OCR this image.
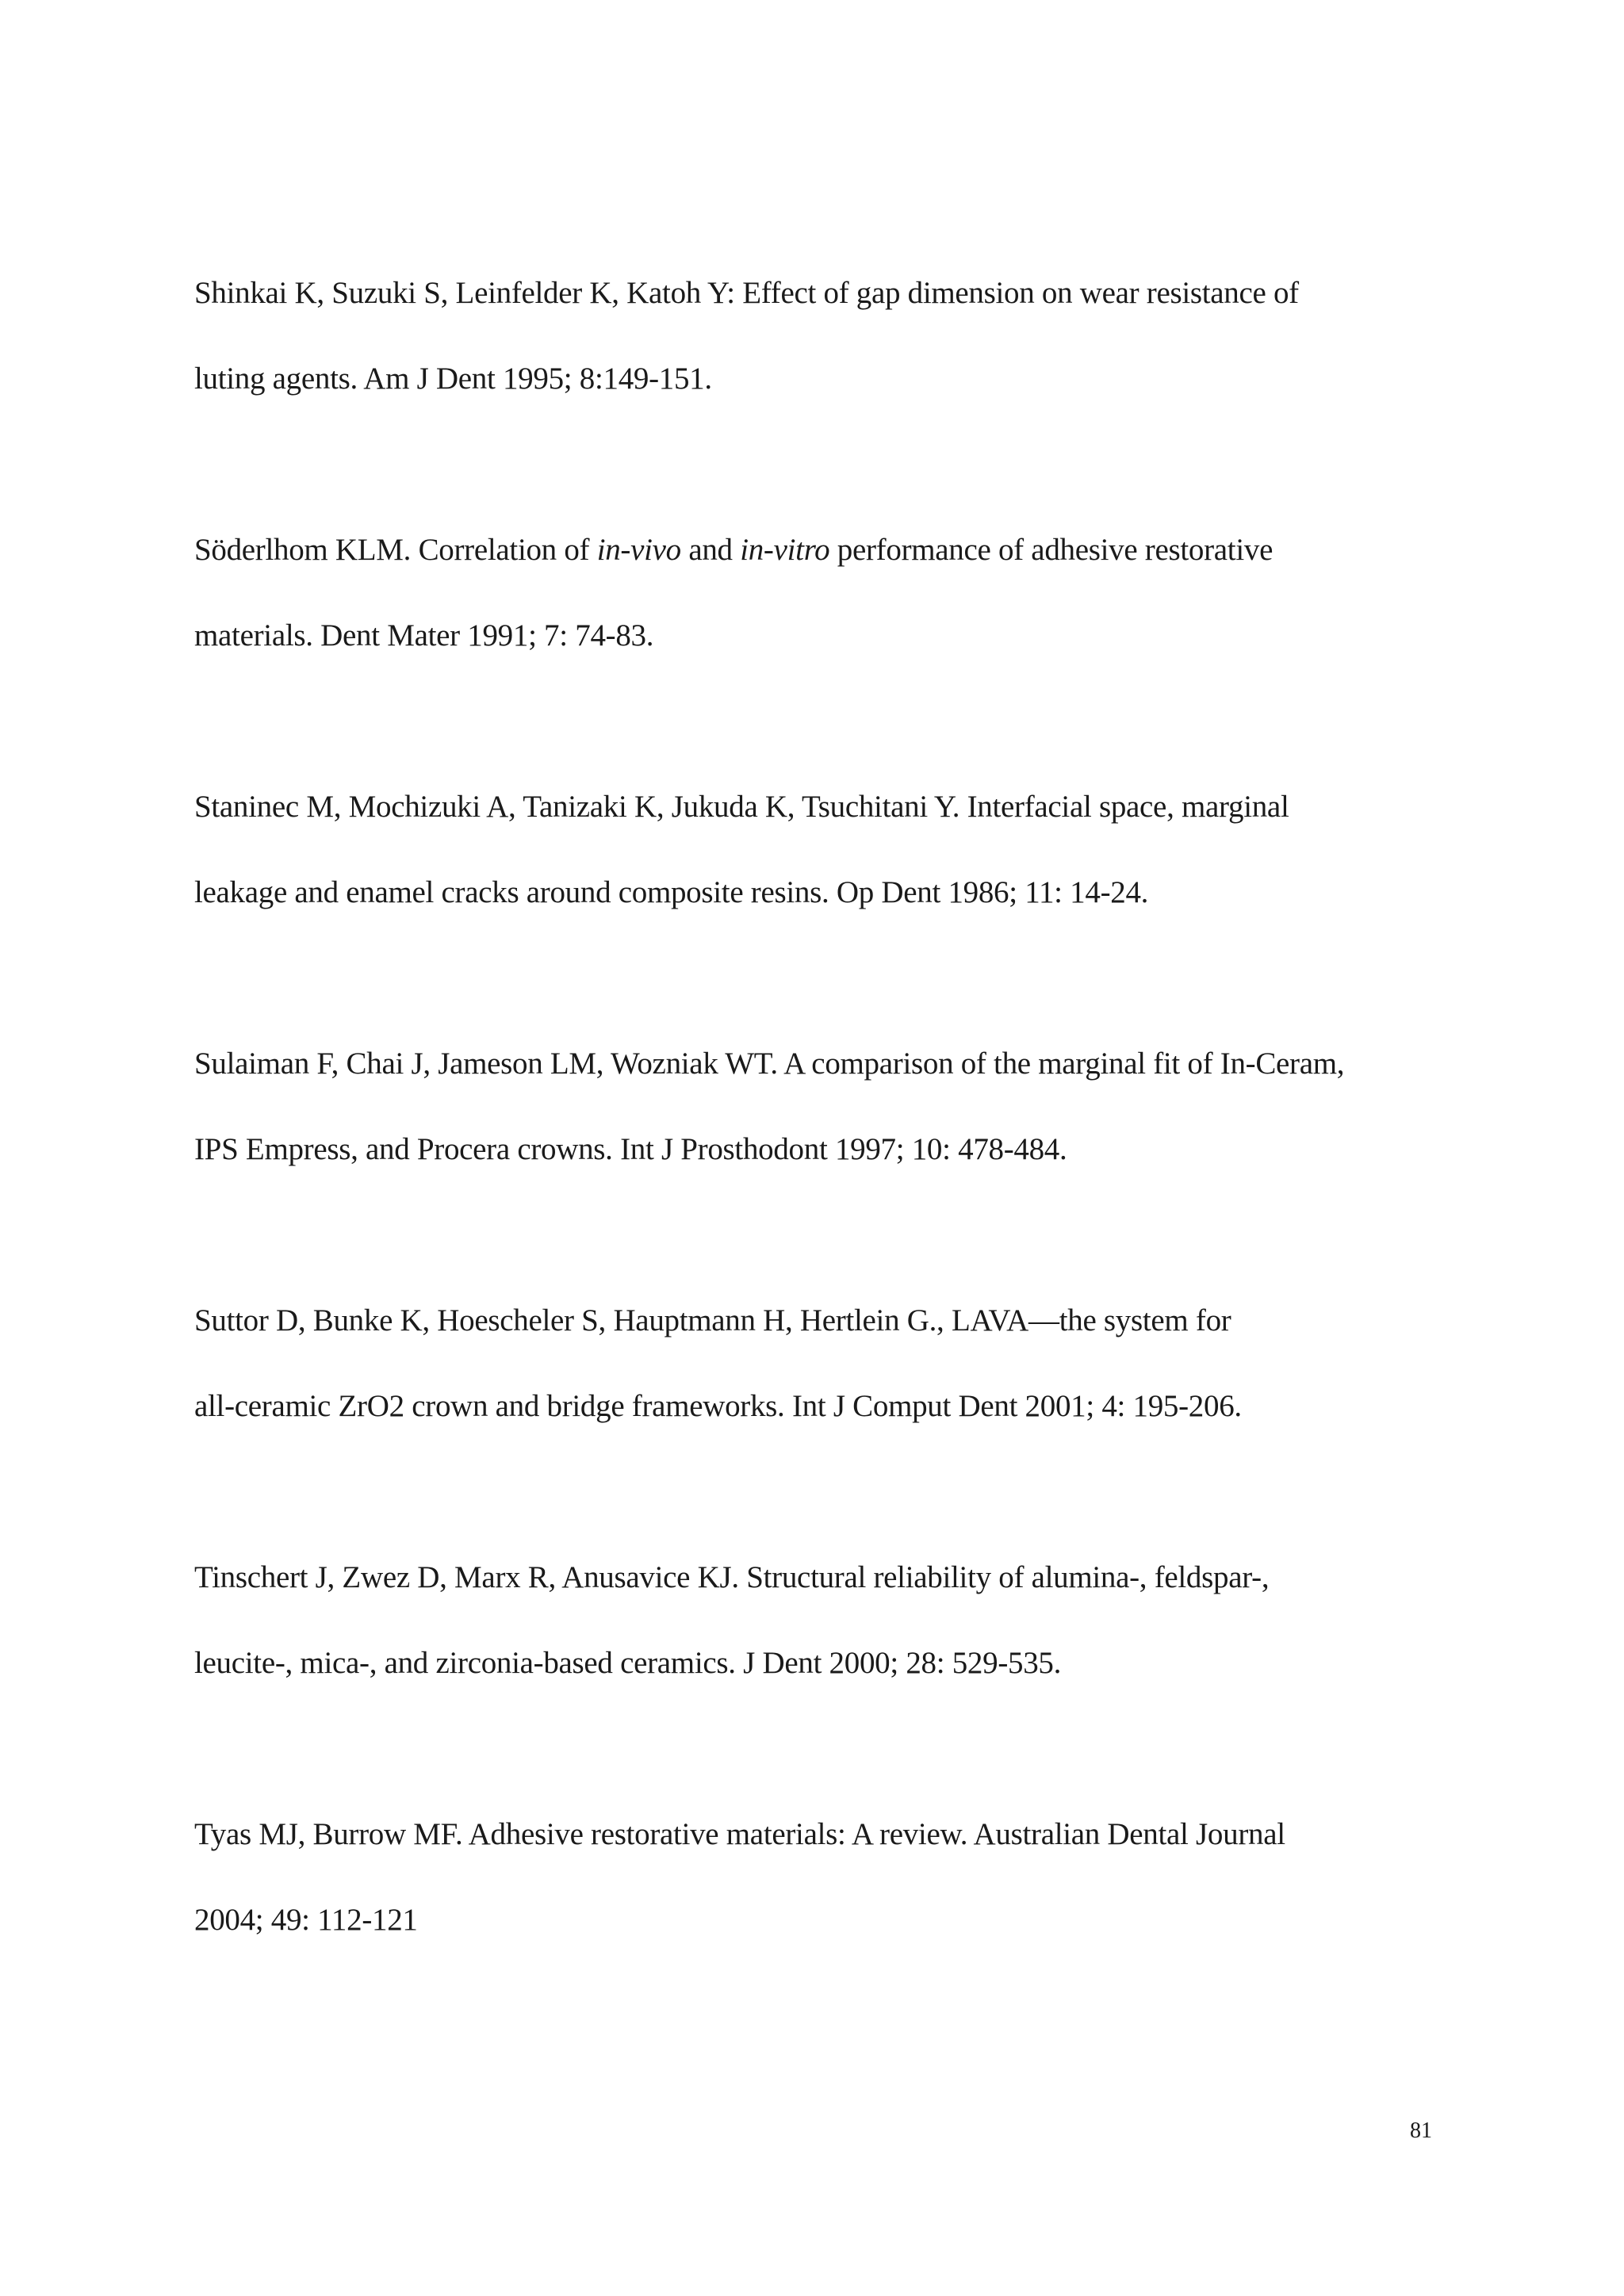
Shinkai K, Suzuki S, Leinfelder K, Katoh Y: Effect of gap dimension on wear resistance of
luting agents. Am J Dent 1995; 8:149-151.
Söderlhom KLM. Correlation of in-vivo and in-vitro performance of adhesive restorative
materials. Dent Mater 1991; 7: 74-83.
Staninec M, Mochizuki A, Tanizaki K, Jukuda K, Tsuchitani Y. Interfacial space, marginal
leakage and enamel cracks around composite resins. Op Dent 1986; 11: 14-24.
Sulaiman F, Chai J, Jameson LM, Wozniak WT. A comparison of the marginal fit of In-Ceram,
IPS Empress, and Procera crowns. Int J Prosthodont 1997; 10: 478-484.
Suttor D, Bunke K, Hoescheler S, Hauptmann H, Hertlein G., LAVA—the system for
all-ceramic ZrO2 crown and bridge frameworks. Int J Comput Dent 2001; 4: 195-206.
Tinschert J, Zwez D, Marx R, Anusavice KJ. Structural reliability of alumina-, feldspar-,
leucite-, mica-, and zirconia-based ceramics. J Dent 2000; 28: 529-535.
Tyas MJ, Burrow MF. Adhesive restorative materials: A review. Australian Dental Journal
2004; 49: 112-121
81
